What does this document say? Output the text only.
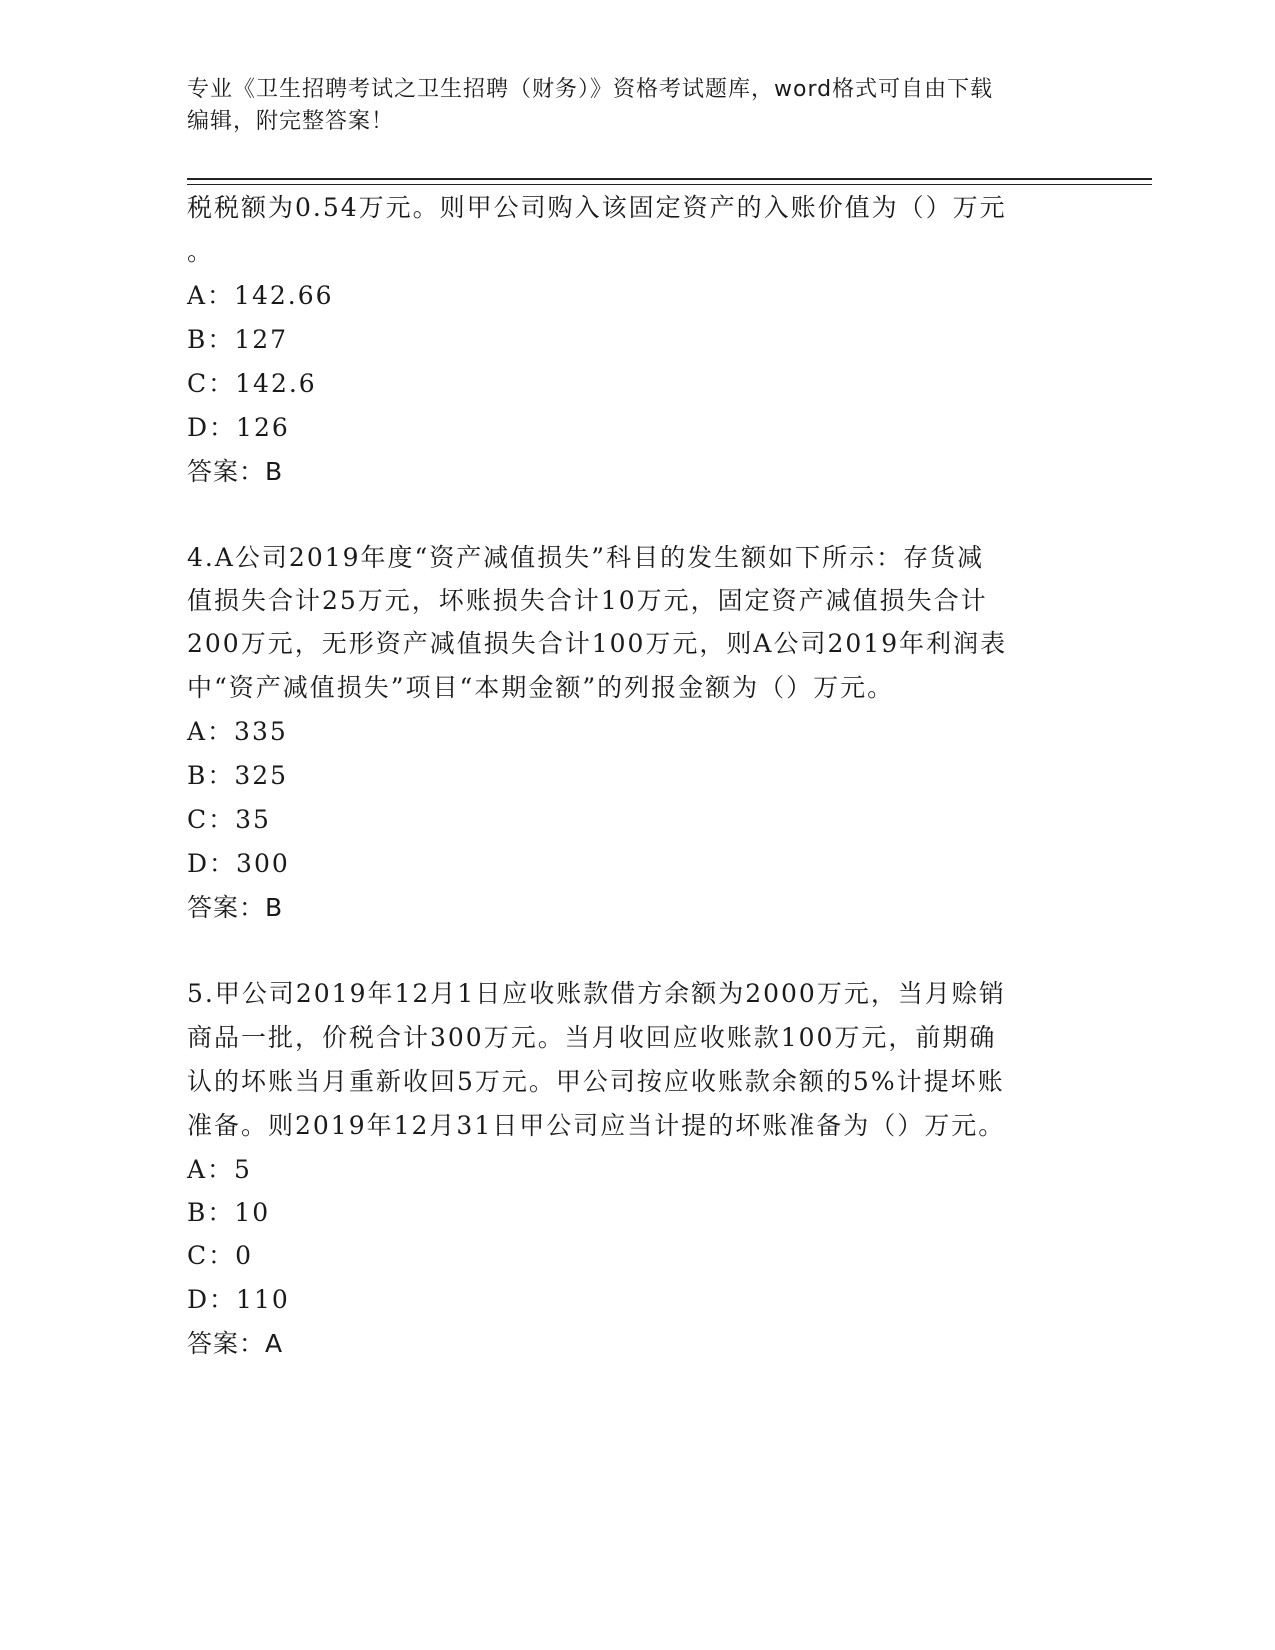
专业《卫生招聘考试之卫生招聘（财务）》资格考试题库，word格式可自由下载
编辑，附完整答案！
税税额为0.54万元。则甲公司购入该固定资产的入账价值为（）万元
。
A：142.66
B：127
C：142.6
D：126
答案：B
4.A公司2019年度“资产减值损失”科目的发生额如下所示：存货减
值损失合计25万元，坏账损失合计10万元，固定资产减值损失合计
200万元，无形资产减值损失合计100万元，则A公司2019年利润表
中“资产减值损失”项目“本期金额”的列报金额为（）万元。
A：335
B：325
C：35
D：300
答案：B
5.甲公司2019年12月1日应收账款借方余额为2000万元，当月赊销
商品一批，价税合计300万元。当月收回应收账款100万元，前期确
认的坏账当月重新收回5万元。甲公司按应收账款余额的5%计提坏账
准备。则2019年12月31日甲公司应当计提的坏账准备为（）万元。
A：5
B：10
C：0
D：110
答案：A
